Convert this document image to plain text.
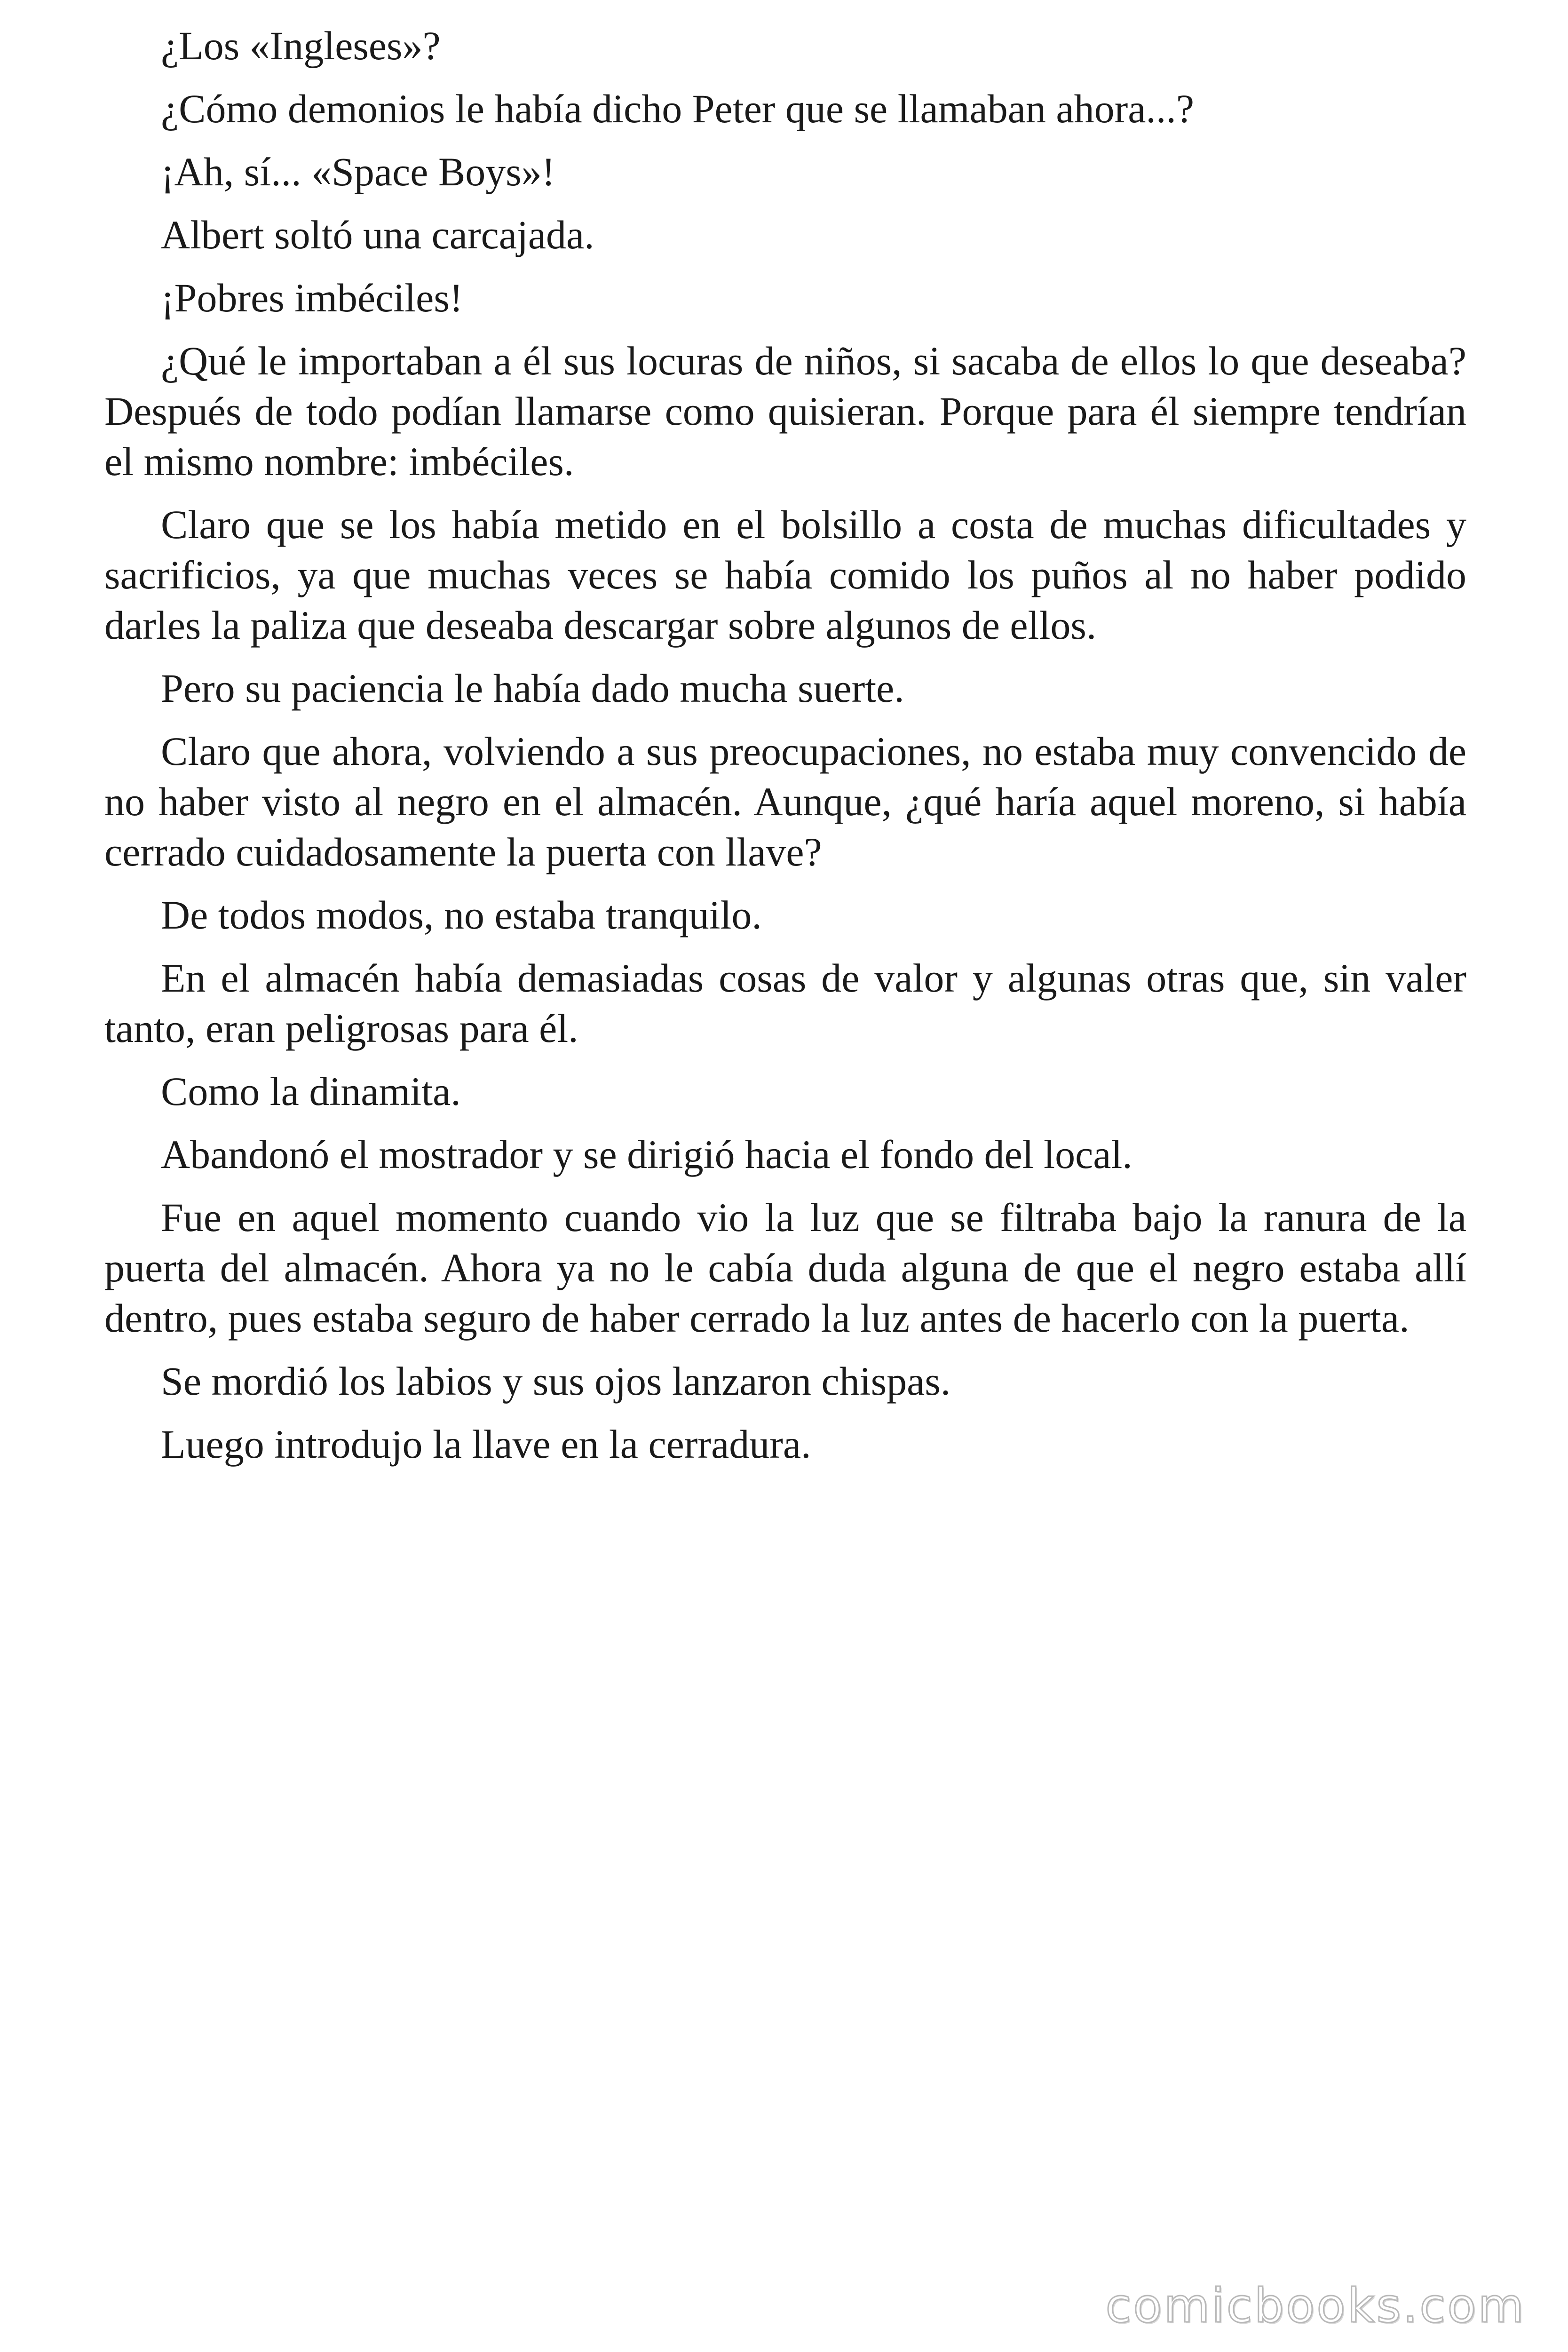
¿Los «Ingleses»?

¿Cómo demonios le había dicho Peter que se llamaban ahora...?

¡Ah, sí... «Space Boys»!

Albert soltó una carcajada.

¡Pobres imbéciles!

¿Qué le importaban a él sus locuras de niños, si sacaba de ellos lo que deseaba? Después de todo podían llamarse como quisieran. Porque para él siempre tendrían el mismo nombre: imbéciles.

Claro que se los había metido en el bolsillo a costa de muchas dificultades y sacrificios, ya que muchas veces se había comido los puños al no haber podido darles la paliza que deseaba descargar sobre algunos de ellos.

Pero su paciencia le había dado mucha suerte.

Claro que ahora, volviendo a sus preocupaciones, no estaba muy convencido de no haber visto al negro en el almacén. Aunque, ¿qué haría aquel moreno, si había cerrado cuidadosamente la puerta con llave?

De todos modos, no estaba tranquilo.

En el almacén había demasiadas cosas de valor y algunas otras que, sin valer tanto, eran peligrosas para él.

Como la dinamita.

Abandonó el mostrador y se dirigió hacia el fondo del local.

Fue en aquel momento cuando vio la luz que se filtraba bajo la ranura de la puerta del almacén. Ahora ya no le cabía duda alguna de que el negro estaba allí dentro, pues estaba seguro de haber cerrado la luz antes de hacerlo con la puerta.

Se mordió los labios y sus ojos lanzaron chispas.

Luego introdujo la llave en la cerradura.

comicbooks.com
